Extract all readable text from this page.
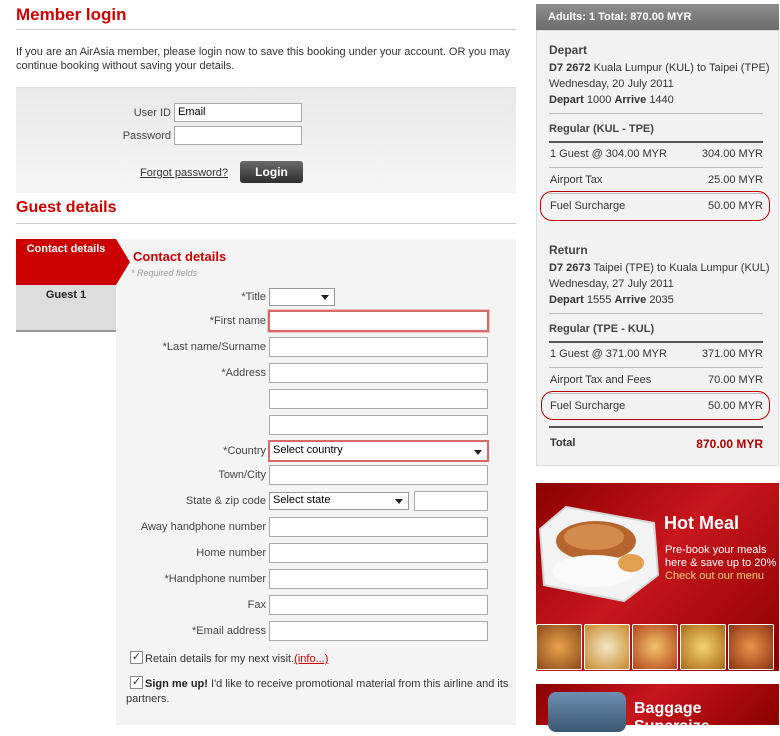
Member login
If you are an AirAsia member, please login now to save this booking under your account. OR you may continue booking without saving your details.
User ID Email
Password
Forgot password?	Login
Guest details
Contact details
Guest 1
Contact details
* Required fields
*Title
*First name
*Last name/Surname
*Address
*Country Select country
Town/City
State & zip code Select state
Away handphone number
Home number
*Handphone number
Fax
*Email address
✓ Retain details for my next visit.(info...)
✓ Sign me up! I'd like to receive promotional material from this airline and its partners.
Adults: 1 Total: 870.00 MYR
Depart
D7 2672 Kuala Lumpur (KUL) to Taipei (TPE)
Wednesday, 20 July 2011
Depart 1000 Arrive 1440
Regular (KUL - TPE)
1 Guest @ 304.00 MYR	304.00 MYR
Airport Tax	25.00 MYR
Fuel Surcharge	50.00 MYR
Return
D7 2673 Taipei (TPE) to Kuala Lumpur (KUL)
Wednesday, 27 July 2011
Depart 1555 Arrive 2035
Regular (TPE - KUL)
1 Guest @ 371.00 MYR	371.00 MYR
Airport Tax and Fees	70.00 MYR
Fuel Surcharge	50.00 MYR
Total	870.00 MYR
Hot Meal
Pre-book your meals
here & save up to 20%
Check out our menu
Baggage Supersize
